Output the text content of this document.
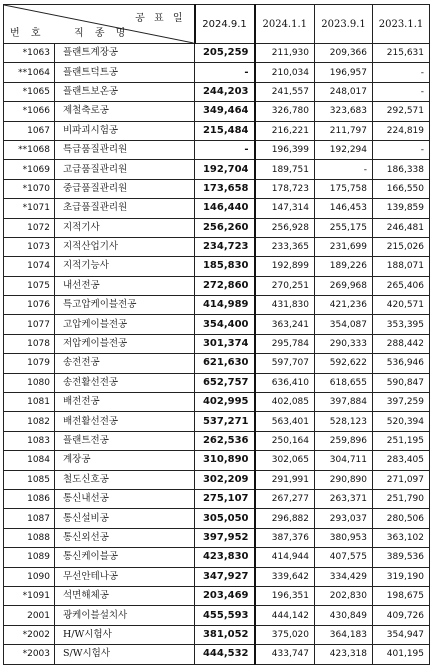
공 표 일
번 호 직 종 명		2024.9.1	2024.1.1	2023.9.1	2023.1.1
*1063	플랜트계장공	205,259	211,930	209,366	215,631
**1064	플랜트덕트공	-	210,034	196,957	-
*1065	플랜트보온공	244,203	241,557	248,017	-
*1066	제철축로공	349,464	326,780	323,683	292,571
1067	비파괴시험공	215,484	216,221	211,797	224,819
**1068	특급품질관리원	-	196,399	192,294	-
*1069	고급품질관리원	192,704	189,751	-	186,338
*1070	중급품질관리원	173,658	178,723	175,758	166,550
*1071	초급품질관리원	146,440	147,314	146,453	139,859
1072	지적기사	256,260	256,928	255,175	246,481
1073	지적산업기사	234,723	233,365	231,699	215,026
1074	지적기능사	185,830	192,899	189,226	188,071
1075	내선전공	272,860	270,251	269,968	265,406
1076	특고압케이블전공	414,989	431,830	421,236	420,571
1077	고압케이블전공	354,400	363,241	354,087	353,395
1078	저압케이블전공	301,374	295,784	290,333	288,442
1079	송전전공	621,630	597,707	592,622	536,946
1080	송전활선전공	652,757	636,410	618,655	590,847
1081	배전전공	402,995	402,085	397,884	397,259
1082	배전활선전공	537,271	563,401	528,123	520,394
1083	플랜트전공	262,536	250,164	259,896	251,195
1084	계장공	310,890	302,065	304,711	283,405
1085	철도신호공	302,209	291,991	290,890	271,097
1086	통신내선공	275,107	267,277	263,371	251,790
1087	통신설비공	305,050	296,882	293,037	280,506
1088	통신외선공	397,952	387,376	380,953	363,102
1089	통신케이블공	423,830	414,944	407,575	389,536
1090	무선안테나공	347,927	339,642	334,429	319,190
*1091	석면해체공	203,469	196,351	202,830	198,675
2001	광케이블설치사	455,593	444,142	430,849	409,726
*2002	H/W시험사	381,052	375,020	364,183	354,947
*2003	S/W시험사	444,532	433,747	423,318	401,195
